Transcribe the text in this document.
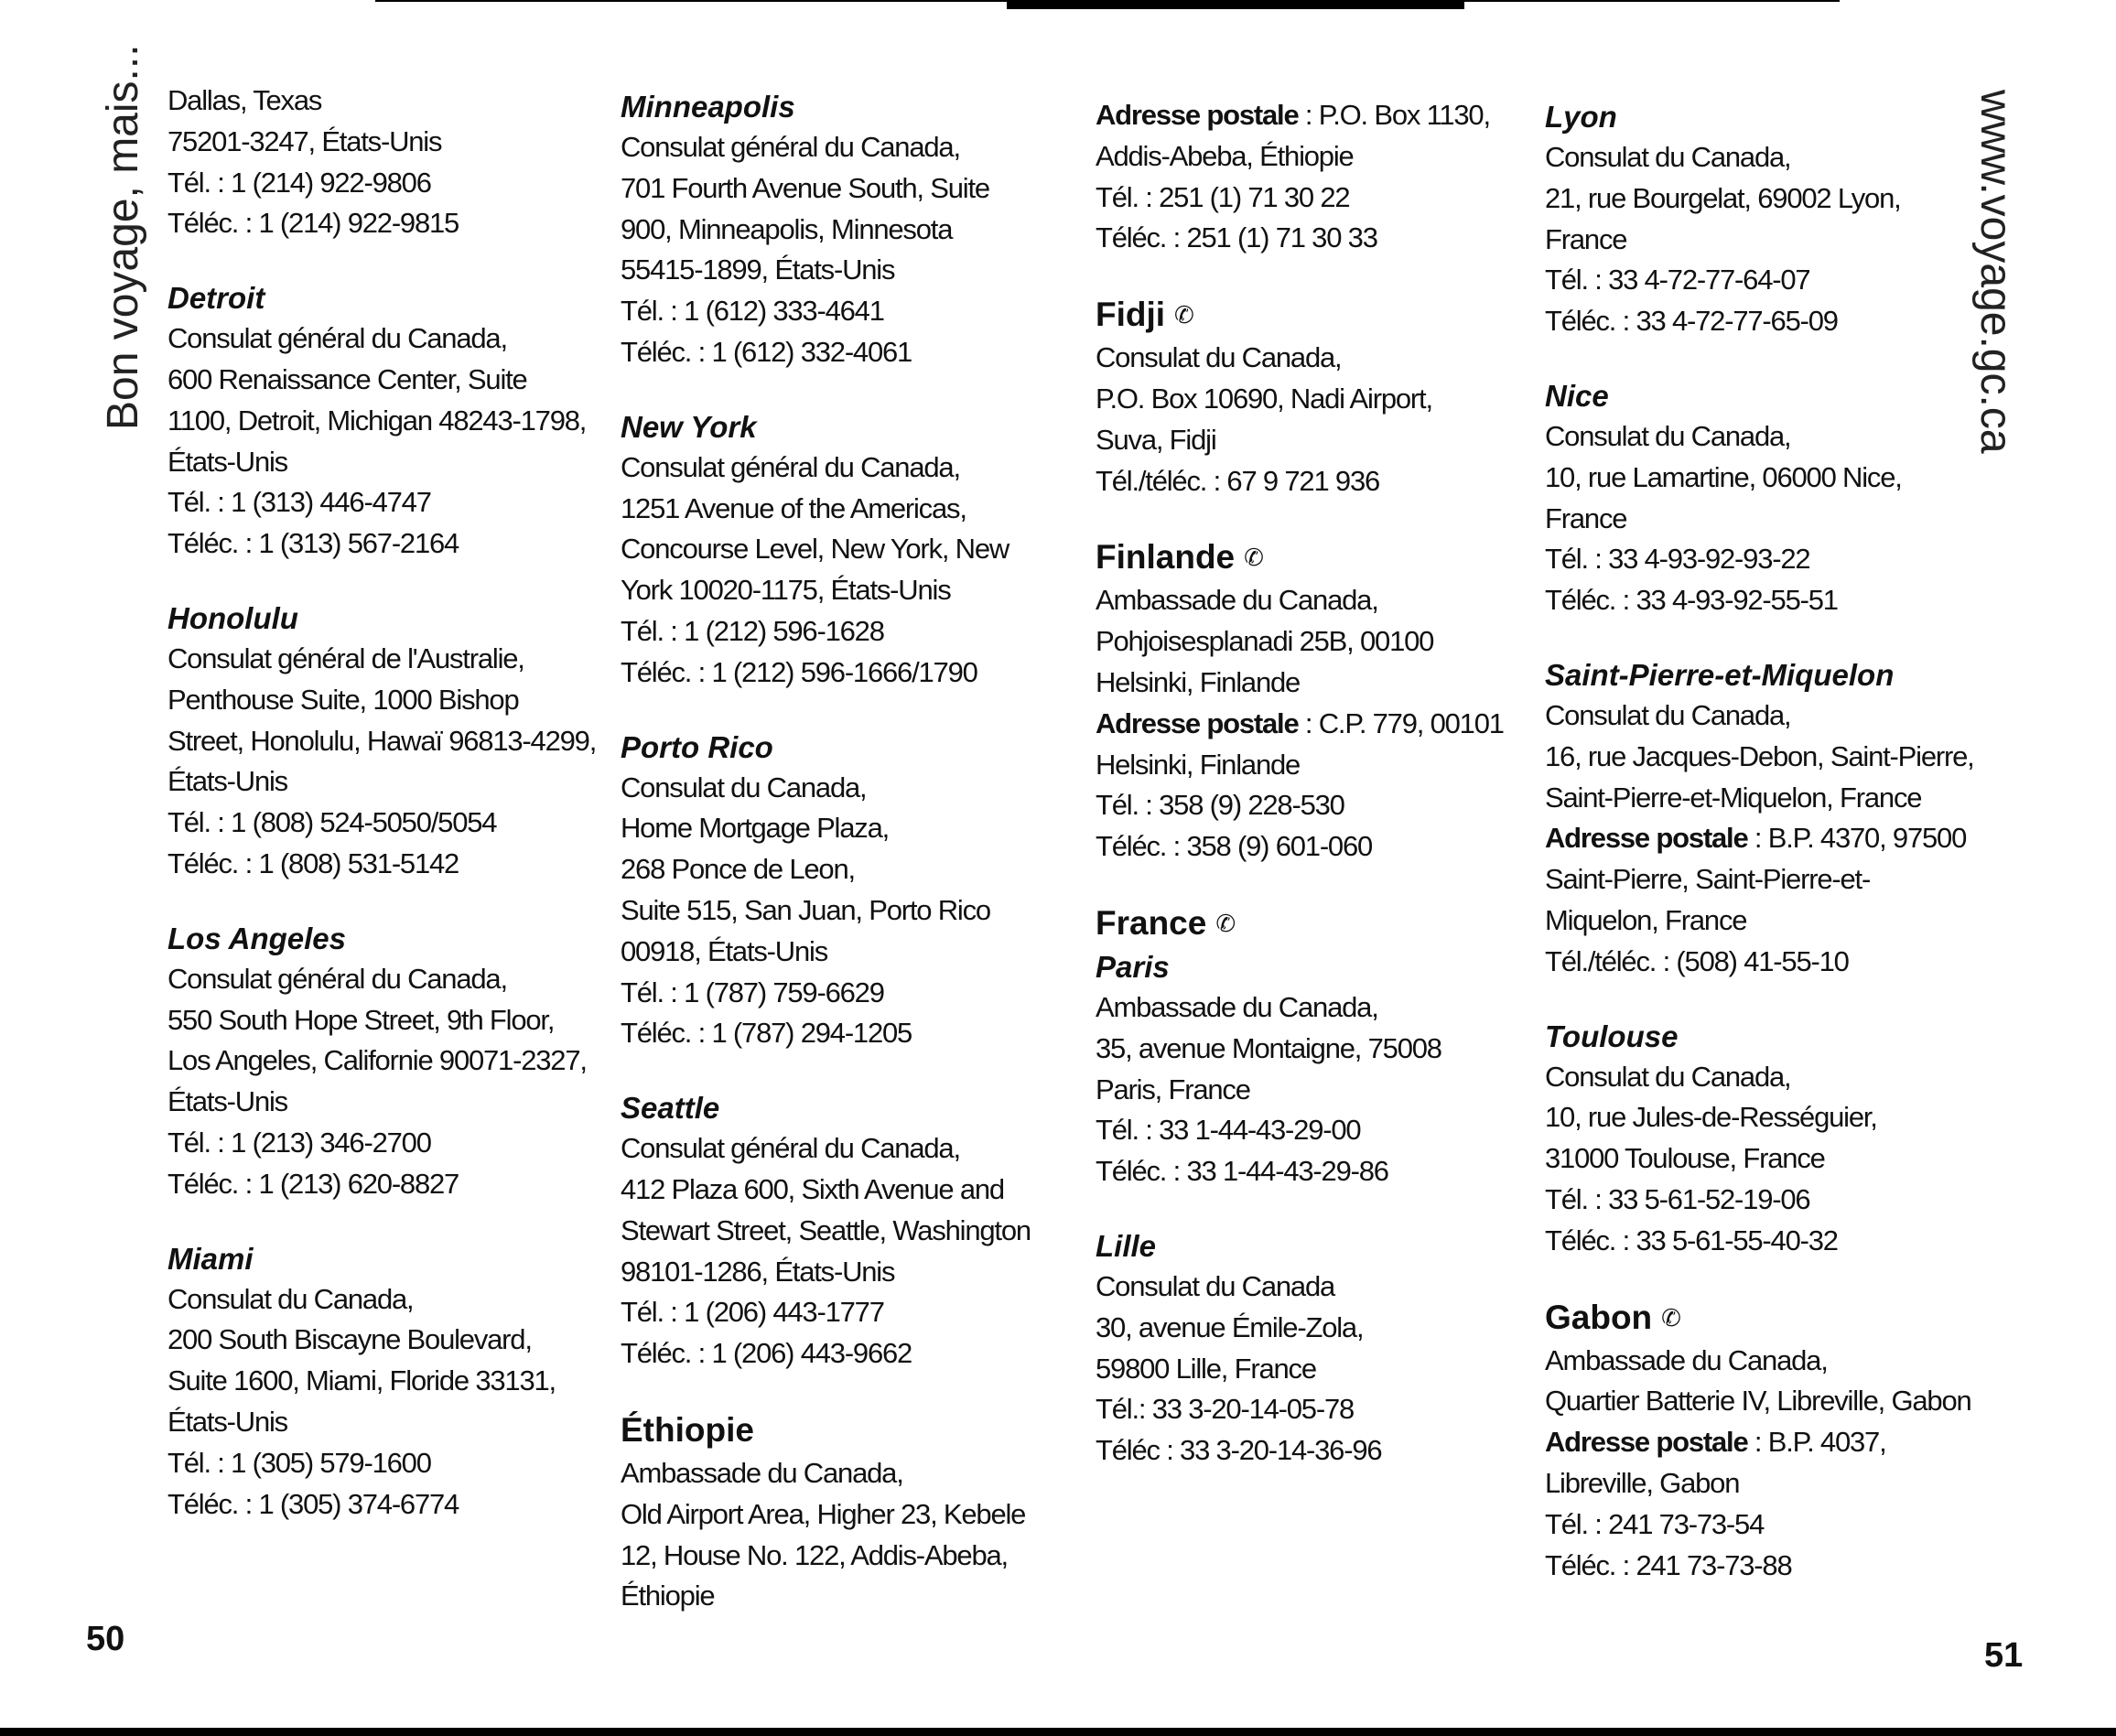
Bon voyage, mais...	www.voyage.gc.ca
50	51
Dallas, Texas
75201-3247, États-Unis
Tél. : 1 (214) 922-9806
Téléc. : 1 (214) 922-9815
Detroit
Consulat général du Canada,
600 Renaissance Center, Suite
1100, Detroit, Michigan 48243-1798,
États-Unis
Tél. : 1 (313) 446-4747
Téléc. : 1 (313) 567-2164
Honolulu
Consulat général de l'Australie,
Penthouse Suite, 1000 Bishop
Street, Honolulu, Hawaï 96813-4299,
États-Unis
Tél. : 1 (808) 524-5050/5054
Téléc. : 1 (808) 531-5142
Los Angeles
Consulat général du Canada,
550 South Hope Street, 9th Floor,
Los Angeles, Californie 90071-2327,
États-Unis
Tél. : 1 (213) 346-2700
Téléc. : 1 (213) 620-8827
Miami
Consulat du Canada,
200 South Biscayne Boulevard,
Suite 1600, Miami, Floride 33131,
États-Unis
Tél. : 1 (305) 579-1600
Téléc. : 1 (305) 374-6774
Minneapolis
Consulat général du Canada,
701 Fourth Avenue South, Suite
900, Minneapolis, Minnesota
55415-1899, États-Unis
Tél. : 1 (612) 333-4641
Téléc. : 1 (612) 332-4061
New York
Consulat général du Canada,
1251 Avenue of the Americas,
Concourse Level, New York, New
York 10020-1175, États-Unis
Tél. : 1 (212) 596-1628
Téléc. : 1 (212) 596-1666/1790
Porto Rico
Consulat du Canada,
Home Mortgage Plaza,
268 Ponce de Leon,
Suite 515, San Juan, Porto Rico
00918, États-Unis
Tél. : 1 (787) 759-6629
Téléc. : 1 (787) 294-1205
Seattle
Consulat général du Canada,
412 Plaza 600, Sixth Avenue and
Stewart Street, Seattle, Washington
98101-1286, États-Unis
Tél. : 1 (206) 443-1777
Téléc. : 1 (206) 443-9662
Éthiopie
Ambassade du Canada,
Old Airport Area, Higher 23, Kebele
12, House No. 122, Addis-Abeba,
Éthiopie
Adresse postale : P.O. Box 1130,
Addis-Abeba, Éthiopie
Tél. : 251 (1) 71 30 22
Téléc. : 251 (1) 71 30 33
Fidji ✆
Consulat du Canada,
P.O. Box 10690, Nadi Airport,
Suva, Fidji
Tél./téléc. : 67 9 721 936
Finlande ✆
Ambassade du Canada,
Pohjoisesplanadi 25B, 00100
Helsinki, Finlande
Adresse postale : C.P. 779, 00101
Helsinki, Finlande
Tél. : 358 (9) 228-530
Téléc. : 358 (9) 601-060
France ✆
Paris
Ambassade du Canada,
35, avenue Montaigne, 75008
Paris, France
Tél. : 33 1-44-43-29-00
Téléc. : 33 1-44-43-29-86
Lille
Consulat du Canada
30, avenue Émile-Zola,
59800 Lille, France
Tél.: 33 3-20-14-05-78
Téléc : 33 3-20-14-36-96
Lyon
Consulat du Canada,
21, rue Bourgelat, 69002 Lyon,
France
Tél. : 33 4-72-77-64-07
Téléc. : 33 4-72-77-65-09
Nice
Consulat du Canada,
10, rue Lamartine, 06000 Nice,
France
Tél. : 33 4-93-92-93-22
Téléc. : 33 4-93-92-55-51
Saint-Pierre-et-Miquelon
Consulat du Canada,
16, rue Jacques-Debon, Saint-Pierre,
Saint-Pierre-et-Miquelon, France
Adresse postale : B.P. 4370, 97500
Saint-Pierre, Saint-Pierre-et-
Miquelon, France
Tél./téléc. : (508) 41-55-10
Toulouse
Consulat du Canada,
10, rue Jules-de-Rességuier,
31000 Toulouse, France
Tél. : 33 5-61-52-19-06
Téléc. : 33 5-61-55-40-32
Gabon ✆
Ambassade du Canada,
Quartier Batterie IV, Libreville, Gabon
Adresse postale : B.P. 4037,
Libreville, Gabon
Tél. : 241 73-73-54
Téléc. : 241 73-73-88
